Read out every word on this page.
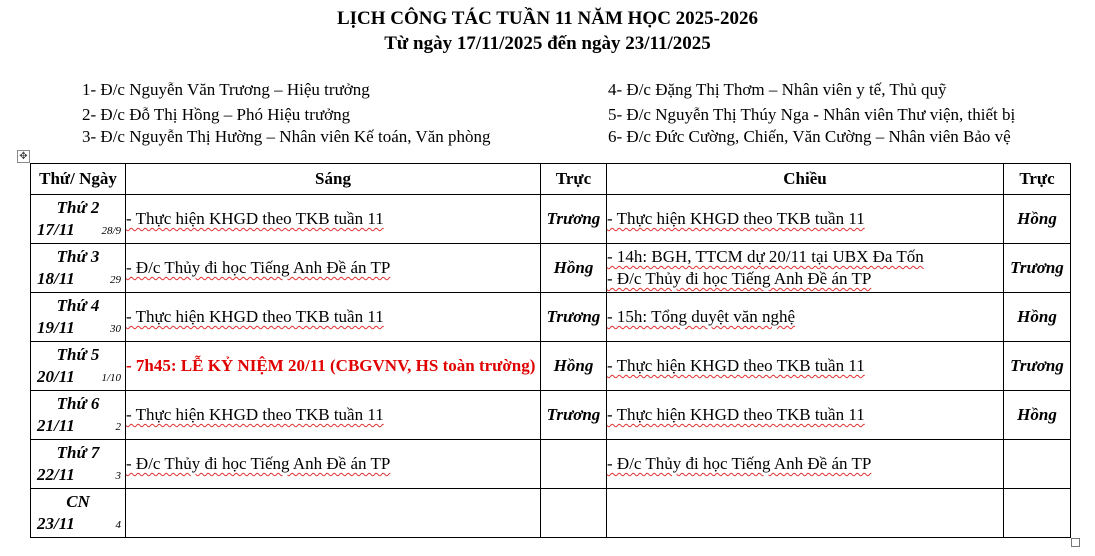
LỊCH CÔNG TÁC TUẦN 11 NĂM HỌC 2025-2026
Từ ngày 17/11/2025 đến ngày 23/11/2025
1- Đ/c Nguyễn Văn Trương – Hiệu trưởng
2- Đ/c Đỗ Thị Hồng – Phó Hiệu trưởng
3- Đ/c Nguyễn Thị Hường – Nhân viên Kế toán, Văn phòng
4- Đ/c Đặng Thị Thơm – Nhân viên y tế, Thủ quỹ
5- Đ/c Nguyễn Thị Thúy Nga - Nhân viên Thư viện, thiết bị
6- Đ/c Đức Cường, Chiến, Văn Cường – Nhân viên Bảo vệ
✥
Thứ/ Ngày	Sáng	Trực	Chiều	Trực

Thứ 2
17/11 28/9	- Thực hiện KHGD theo TKB tuần 11	Trương	- Thực hiện KHGD theo TKB tuần 11	Hồng

Thứ 3
18/11 29	- Đ/c Thủy đi học Tiếng Anh Đề án TP	Hồng	- 14h: BGH, TTCM dự 20/11 tại UBX Đa Tốn
- Đ/c Thủy đi học Tiếng Anh Đề án TP	Trương

Thứ 4
19/11 30	- Thực hiện KHGD theo TKB tuần 11	Trương	- 15h: Tổng duyệt văn nghệ	Hồng

Thứ 5
20/11 1/10	- 7h45: LỄ KỶ NIỆM 20/11 (CBGVNV, HS toàn trường)	Hồng	- Thực hiện KHGD theo TKB tuần 11	Trương

Thứ 6
21/11 2	- Thực hiện KHGD theo TKB tuần 11	Trương	- Thực hiện KHGD theo TKB tuần 11	Hồng

Thứ 7
22/11 3	- Đ/c Thủy đi học Tiếng Anh Đề án TP		- Đ/c Thủy đi học Tiếng Anh Đề án TP	

CN
23/11 4				
